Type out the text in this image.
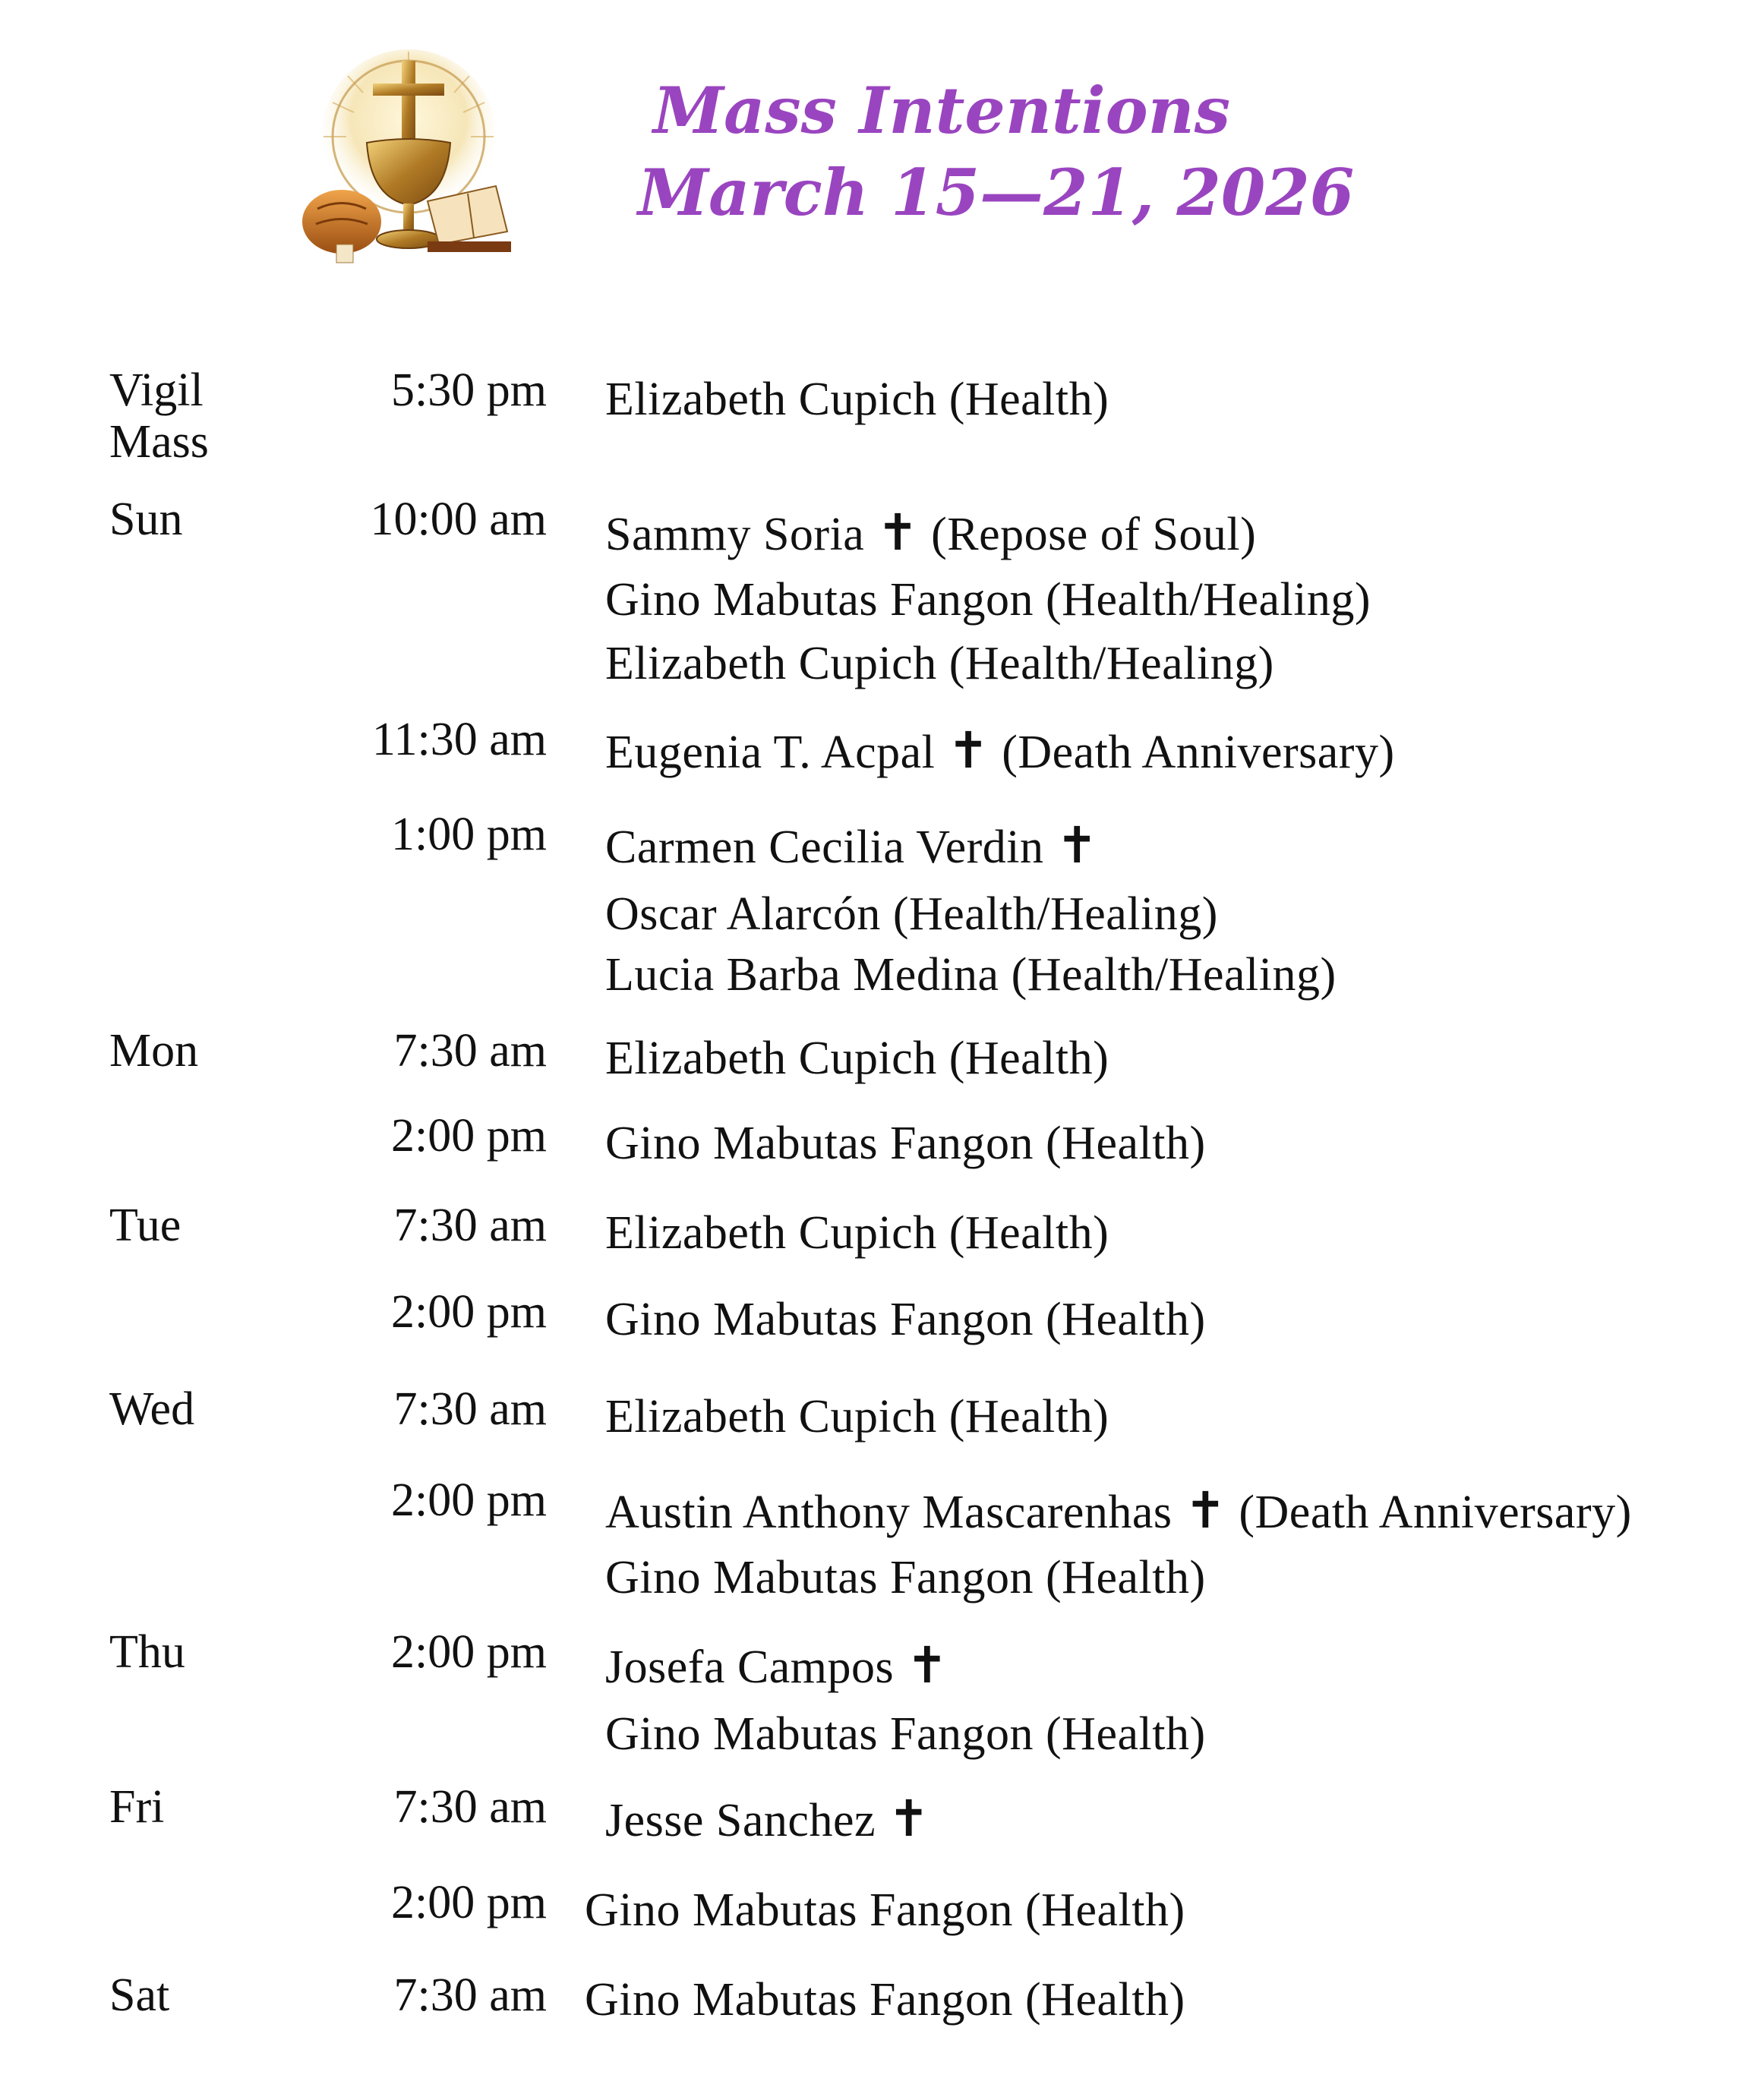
Mass Intentions
March 15—21, 2026
Vigil
Mass
5:30 pm Elizabeth Cupich (Health)
Sun	10:00 am Sammy Soria ✝ (Repose of Soul)
Gino Mabutas Fangon (Health/Healing)
Elizabeth Cupich (Health/Healing)
11:30 am Eugenia T. Acpal ✝ (Death Anniversary)
1:00 pm Carmen Cecilia Verdin ✝
Oscar Alarcón (Health/Healing)
Lucia Barba Medina (Health/Healing)
Mon	7:30 am Elizabeth Cupich (Health)
2:00 pm Gino Mabutas Fangon (Health)
Tue	7:30 am Elizabeth Cupich (Health)
2:00 pm Gino Mabutas Fangon (Health)
Wed	7:30 am Elizabeth Cupich (Health)
2:00 pm Austin Anthony Mascarenhas ✝ (Death Anniversary)
Gino Mabutas Fangon (Health)
Thu	2:00 pm Josefa Campos ✝
Gino Mabutas Fangon (Health)
Fri	7:30 am Jesse Sanchez ✝
2:00 pm Gino Mabutas Fangon (Health)
Sat	7:30 am Gino Mabutas Fangon (Health)
